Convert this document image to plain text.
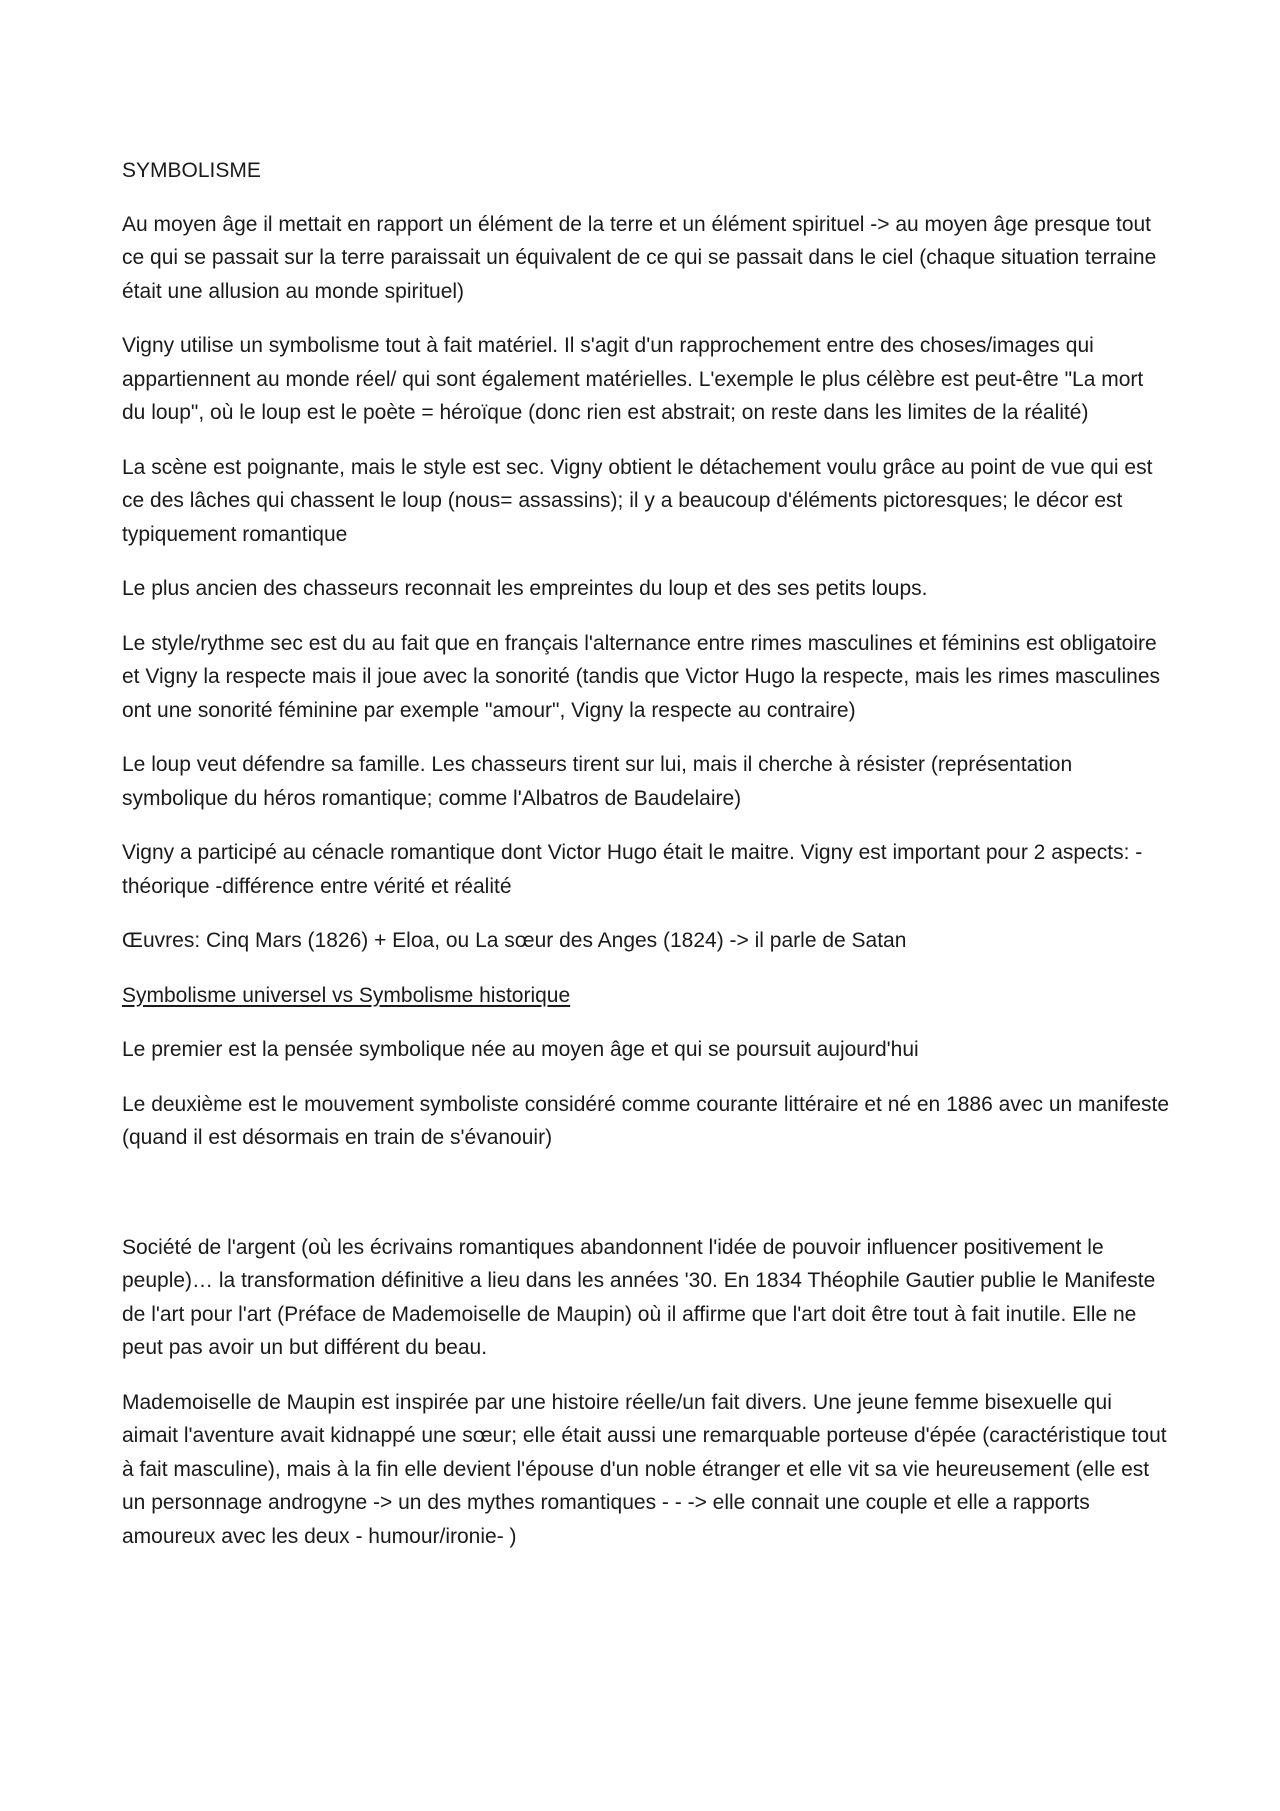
SYMBOLISME

Au moyen âge il mettait en rapport un élément de la terre et un élément spirituel -> au moyen âge presque tout ce qui se passait sur la terre paraissait un équivalent de ce qui se passait dans le ciel (chaque situation terraine était une allusion au monde spirituel)

Vigny utilise un symbolisme tout à fait matériel. Il s'agit d'un rapprochement entre des choses/images qui appartiennent au monde réel/ qui sont également matérielles. L'exemple le plus célèbre est peut-être "La mort du loup", où le loup est le poète = héroïque (donc rien est abstrait; on reste dans les limites de la réalité)

La scène est poignante, mais le style est sec. Vigny obtient le détachement voulu grâce au point de vue qui est ce des lâches qui chassent le loup (nous= assassins); il y a beaucoup d'éléments pictoresques; le décor est typiquement romantique

Le plus ancien des chasseurs reconnait les empreintes du loup et des ses petits loups.

Le style/rythme sec est du au fait que en français l'alternance entre rimes masculines et féminins est obligatoire et Vigny la respecte mais il joue avec la sonorité (tandis que Victor Hugo la respecte, mais les rimes masculines ont une sonorité féminine par exemple "amour", Vigny la respecte au contraire)

Le loup veut défendre sa famille. Les chasseurs tirent sur lui, mais il cherche à résister (représentation symbolique du héros romantique; comme l'Albatros de Baudelaire)

Vigny a participé au cénacle romantique dont Victor Hugo était le maitre. Vigny est important pour 2 aspects: -théorique -différence entre vérité et réalité

Œuvres: Cinq Mars (1826) + Eloa, ou La sœur des Anges (1824) -> il parle de Satan

Symbolisme universel vs Symbolisme historique

Le premier est la pensée symbolique née au moyen âge et qui se poursuit aujourd'hui

Le deuxième est le mouvement symboliste considéré comme courante littéraire et né en 1886 avec un manifeste (quand il est désormais en train de s'évanouir)

Société de l'argent (où les écrivains romantiques abandonnent l'idée de pouvoir influencer positivement le peuple)… la transformation définitive a lieu dans les années '30. En 1834 Théophile Gautier publie le Manifeste de l'art pour l'art (Préface de Mademoiselle de Maupin) où il affirme que l'art doit être tout à fait inutile. Elle ne peut pas avoir un but différent du beau.

Mademoiselle de Maupin est inspirée par une histoire réelle/un fait divers. Une jeune femme bisexuelle qui aimait l'aventure avait kidnappé une sœur; elle était aussi une remarquable porteuse d'épée (caractéristique tout à fait masculine), mais à la fin elle devient l'épouse d'un noble étranger et elle vit sa vie heureusement (elle est un personnage androgyne -> un des mythes romantiques - - -> elle connait une couple et elle a rapports amoureux avec les deux - humour/ironie- )
